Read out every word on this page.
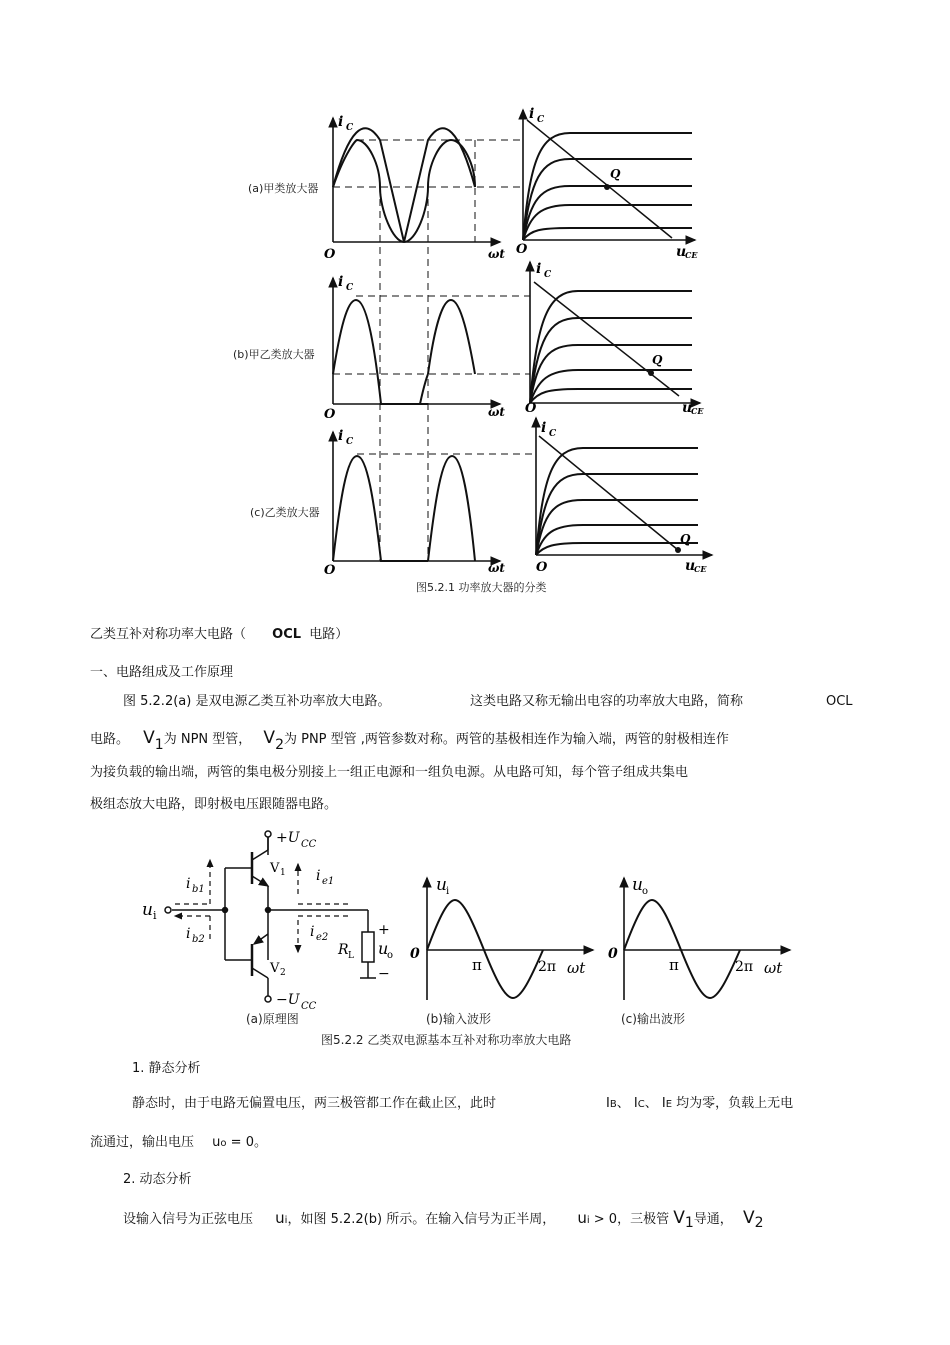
i C
i C
O	O
ωt	u
CE
Q
i C
i C
O	O
ωt	u
CE
Q
i C
i C
O	O
ωt	u
CE
Q
(a)甲类放大器
(b)甲乙类放大器
(c)乙类放大器
图5.2.1 功率放大器的分类
乙类互补对称功率大电路（ OCL 电路）
一、电路组成及工作原理
图 5.2.2(a) 是双电源乙类互补功率放大电路。	这类电路又称无输出电容的功率放大电路，简称	OCL
电路。 V1为 NPN 型管， V2为 PNP 型管 ,两管参数对称。两管的基极相连作为输入端，两管的射极相连作
为接负载的输出端，两管的集电极分别接上一组正电源和一组负电源。从电路可知，每个管子组成共集电
极组态放大电路，即射极电压跟随器电路。
+U CC
−U CC
V 1
V 2
i b1
i b2
i e1
i e2
u i
R L u
o
+
−
u i
0
π	2π ωt
u o
0
π	2π ωt
(a)原理图	(b)输入波形	(c)输出波形
图5.2.2 乙类双电源基本互补对称功率放大电路
1. 静态分析
静态时，由于电路无偏置电压，两三极管都工作在截止区，此时	IB、 IC、 IE 均为零，负载上无电
流通过，输出电压 uo = 0。
2. 动态分析
设输入信号为正弦电压 ui，如图 5.2.2(b) 所示。在输入信号为正半周， ui > 0，三极管 V1导通， V2
